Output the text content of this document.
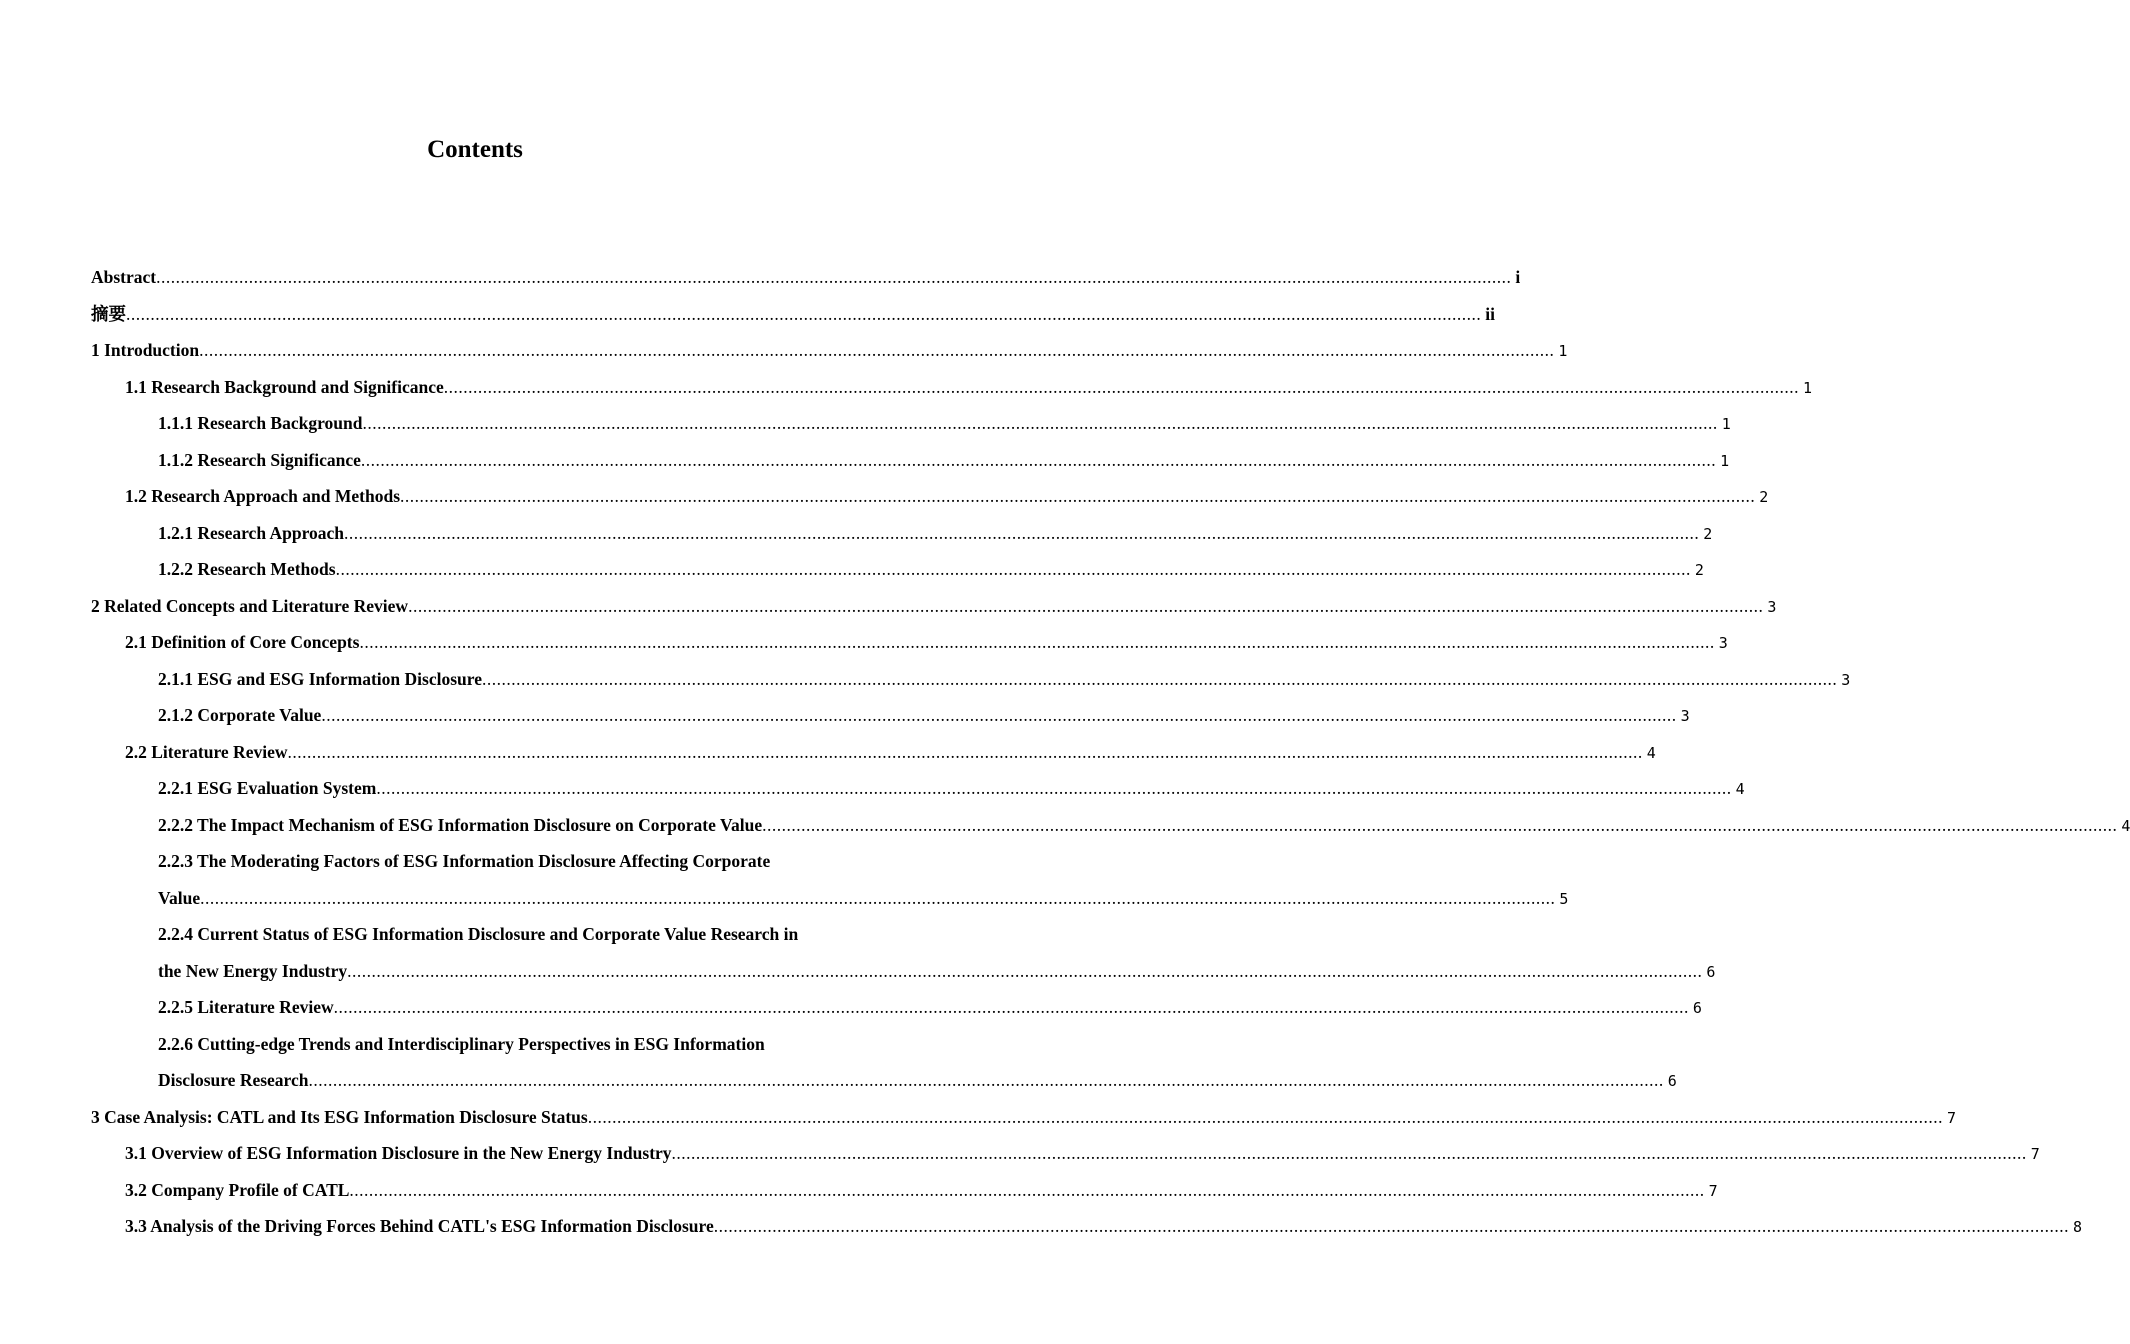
Contents
Abstract .....	i
摘要 .....	ii
1 Introduction .....	1
1.1 Research Background and Significance .....	1
1.1.1 Research Background .....	1
1.1.2 Research Significance .....	1
1.2 Research Approach and Methods .....	2
1.2.1 Research Approach .....	2
1.2.2 Research Methods .....	2
2 Related Concepts and Literature Review .....	3
2.1 Definition of Core Concepts .....	3
2.1.1 ESG and ESG Information Disclosure .....	3
2.1.2 Corporate Value .....	3
2.2 Literature Review .....	4
2.2.1 ESG Evaluation System .....	4
2.2.2 The Impact Mechanism of ESG Information Disclosure on Corporate Value .....	4
2.2.3 The Moderating Factors of ESG Information Disclosure Affecting Corporate
Value .....	5
2.2.4 Current Status of ESG Information Disclosure and Corporate Value Research in
the New Energy Industry .....	6
2.2.5 Literature Review .....	6
2.2.6 Cutting-edge Trends and Interdisciplinary Perspectives in ESG Information
Disclosure Research .....	6
3 Case Analysis: CATL and Its ESG Information Disclosure Status .....	7
3.1 Overview of ESG Information Disclosure in the New Energy Industry .....	7
3.2 Company Profile of CATL .....	7
3.3 Analysis of the Driving Forces Behind CATL's ESG Information Disclosure .....	8
